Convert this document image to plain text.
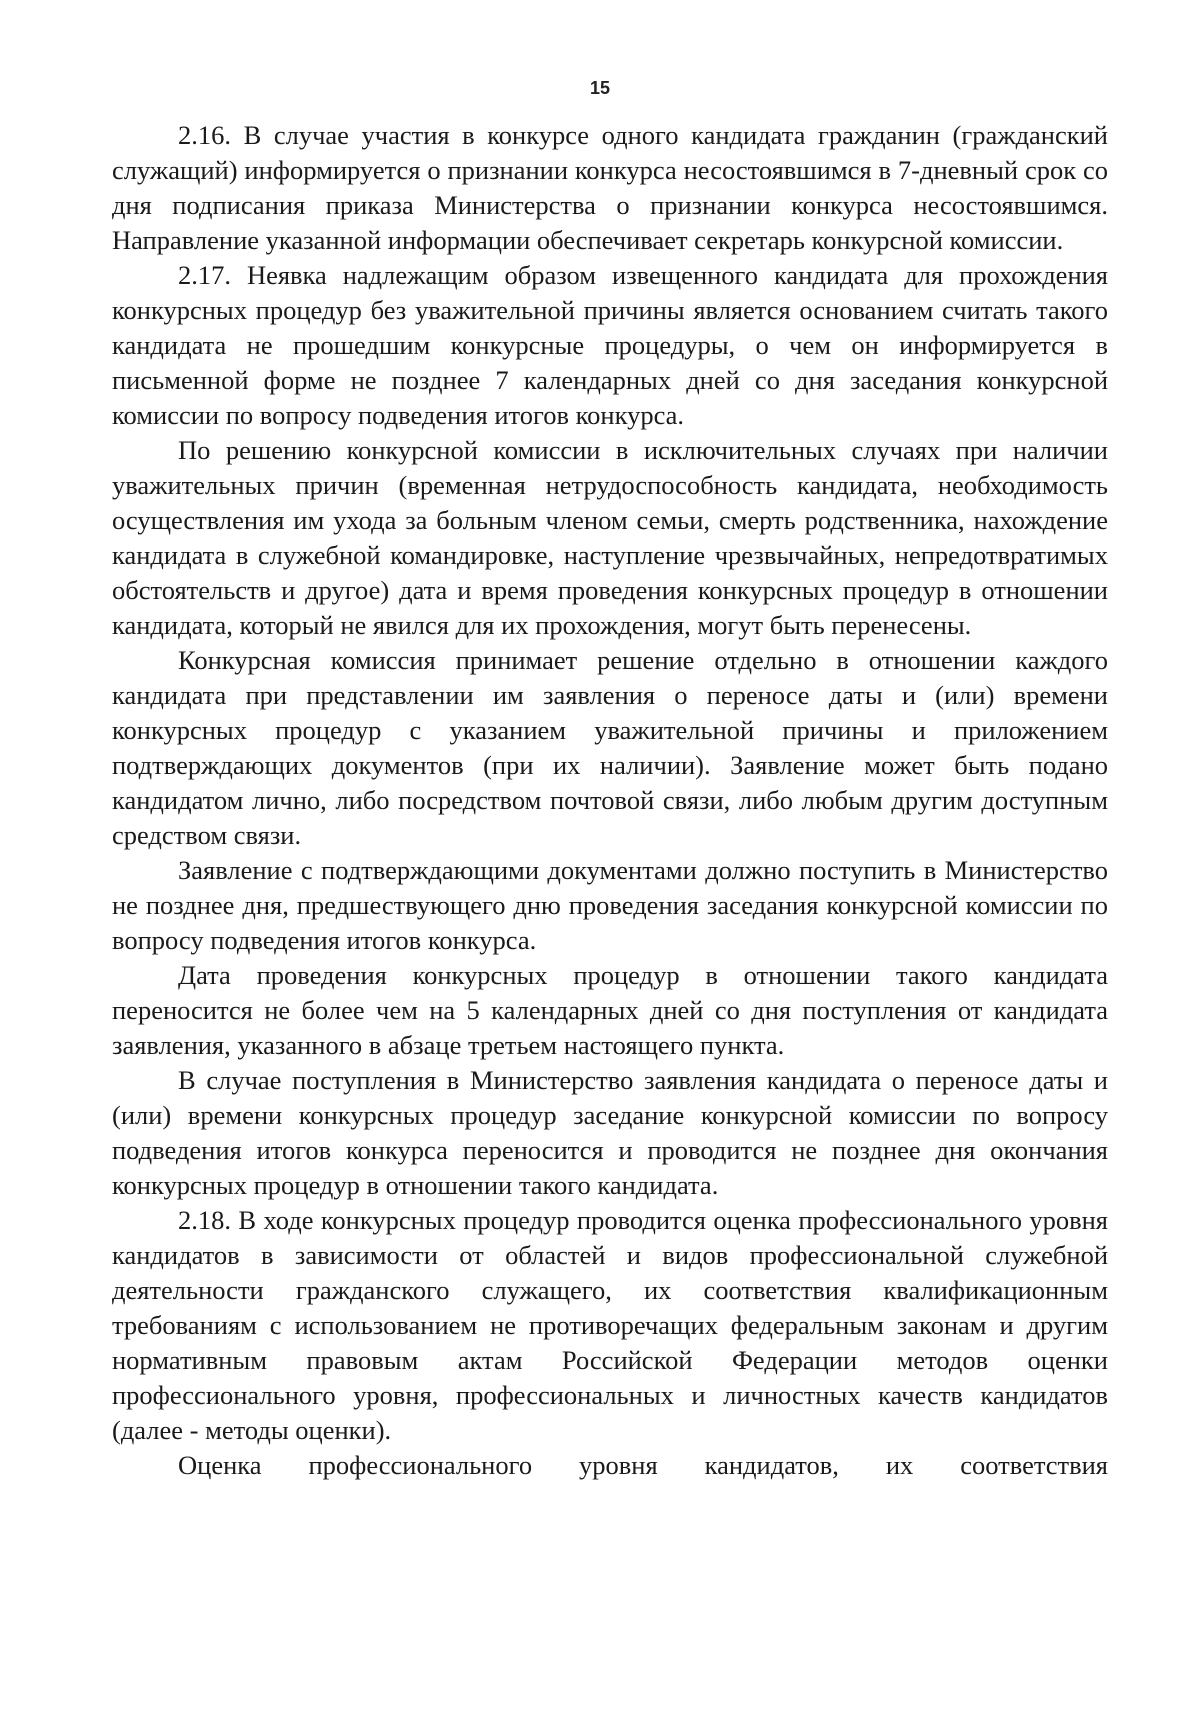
15

2.16. В случае участия в конкурсе одного кандидата гражданин (гражданский служащий) информируется о признании конкурса несостоявшимся в 7-дневный срок со дня подписания приказа Министерства о признании конкурса несостоявшимся. Направление указанной информации обеспечивает секретарь конкурсной комиссии.

2.17. Неявка надлежащим образом извещенного кандидата для прохождения конкурсных процедур без уважительной причины является основанием считать такого кандидата не прошедшим конкурсные процедуры, о чем он информируется в письменной форме не позднее 7 календарных дней со дня заседания конкурсной комиссии по вопросу подведения итогов конкурса.

По решению конкурсной комиссии в исключительных случаях при наличии уважительных причин (временная нетрудоспособность кандидата, необходимость осуществления им ухода за больным членом семьи, смерть родственника, нахождение кандидата в служебной командировке, наступление чрезвычайных, непредотвратимых обстоятельств и другое) дата и время проведения конкурсных процедур в отношении кандидата, который не явился для их прохождения, могут быть перенесены.

Конкурсная комиссия принимает решение отдельно в отношении каждого кандидата при представлении им заявления о переносе даты и (или) времени конкурсных процедур с указанием уважительной причины и приложением подтверждающих документов (при их наличии). Заявление может быть подано кандидатом лично, либо посредством почтовой связи, либо любым другим доступным средством связи.

Заявление с подтверждающими документами должно поступить в Министерство не позднее дня, предшествующего дню проведения заседания конкурсной комиссии по вопросу подведения итогов конкурса.

Дата проведения конкурсных процедур в отношении такого кандидата переносится не более чем на 5 календарных дней со дня поступления от кандидата заявления, указанного в абзаце третьем настоящего пункта.

В случае поступления в Министерство заявления кандидата о переносе даты и (или) времени конкурсных процедур заседание конкурсной комиссии по вопросу подведения итогов конкурса переносится и проводится не позднее дня окончания конкурсных процедур в отношении такого кандидата.

2.18. В ходе конкурсных процедур проводится оценка профессионального уровня кандидатов в зависимости от областей и видов профессиональной служебной деятельности гражданского служащего, их соответствия квалификационным требованиям с использованием не противоречащих федеральным законам и другим нормативным правовым актам Российской Федерации методов оценки профессионального уровня, профессиональных и личностных качеств кандидатов (далее - методы оценки).

Оценка профессионального уровня кандидатов, их соответствия
